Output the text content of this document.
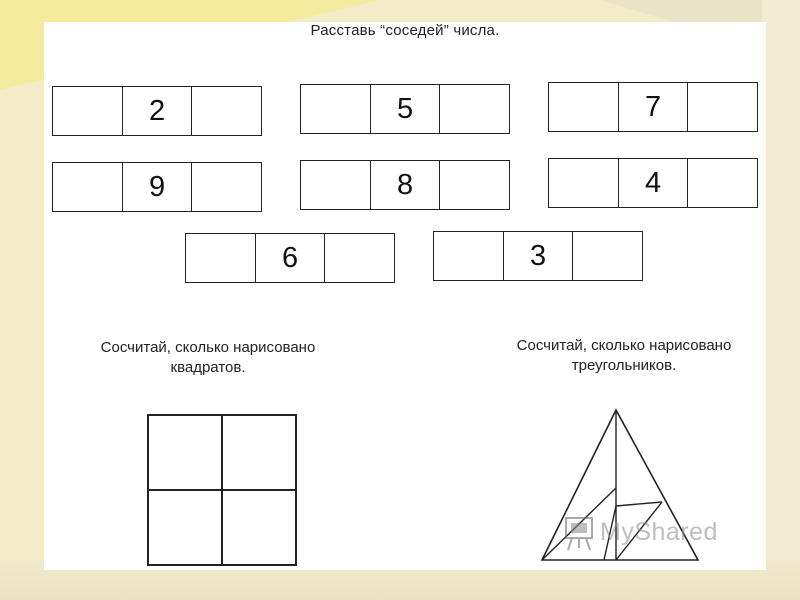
Расставь “соседей” числа.
2	5	7
9	8	4
6	3
Сосчитай, сколько нарисовано
квадратов.
Сосчитай, сколько нарисовано
треугольников.
MyShared
